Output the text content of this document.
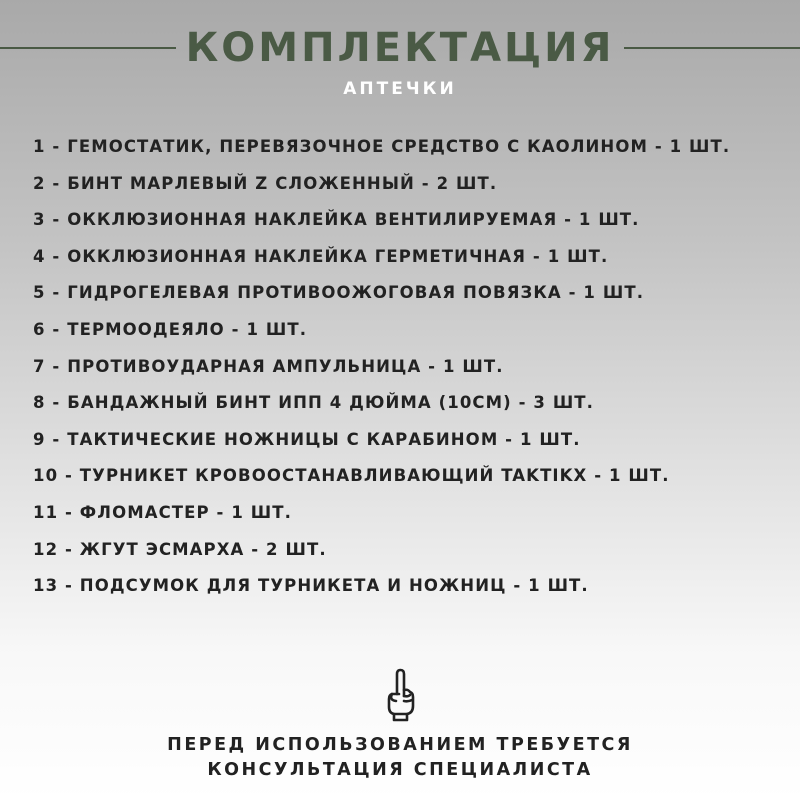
КОМПЛЕКТАЦИЯ
АПТЕЧКИ
1 - ГЕМОСТАТИК, ПЕРЕВЯЗОЧНОЕ СРЕДСТВО С КАОЛИНОМ - 1 ШТ.
2 - БИНТ МАРЛЕВЫЙ Z СЛОЖЕННЫЙ - 2 ШТ.
3 - ОККЛЮЗИОННАЯ НАКЛЕЙКА ВЕНТИЛИРУЕМАЯ - 1 ШТ.
4 - ОККЛЮЗИОННАЯ НАКЛЕЙКА ГЕРМЕТИЧНАЯ - 1 ШТ.
5 - ГИДРОГЕЛЕВАЯ ПРОТИВООЖОГОВАЯ ПОВЯЗКА - 1 ШТ.
6 - ТЕРМООДЕЯЛО - 1 ШТ.
7 - ПРОТИВОУДАРНАЯ АМПУЛЬНИЦА - 1 ШТ.
8 - БАНДАЖНЫЙ БИНТ ИПП 4 ДЮЙМА (10СМ) - 3 ШТ.
9 - ТАКТИЧЕСКИЕ НОЖНИЦЫ С КАРАБИНОМ - 1 ШТ.
10 - ТУРНИКЕТ КРОВООСТАНАВЛИВАЮЩИЙ TAKTIKX - 1 ШТ.
11 - ФЛОМАСТЕР - 1 ШТ.
12 - ЖГУТ ЭСМАРХА - 2 ШТ.
13 - ПОДСУМОК ДЛЯ ТУРНИКЕТА И НОЖНИЦ - 1 ШТ.
ПЕРЕД ИСПОЛЬЗОВАНИЕМ ТРЕБУЕТСЯ
КОНСУЛЬТАЦИЯ СПЕЦИАЛИСТА
